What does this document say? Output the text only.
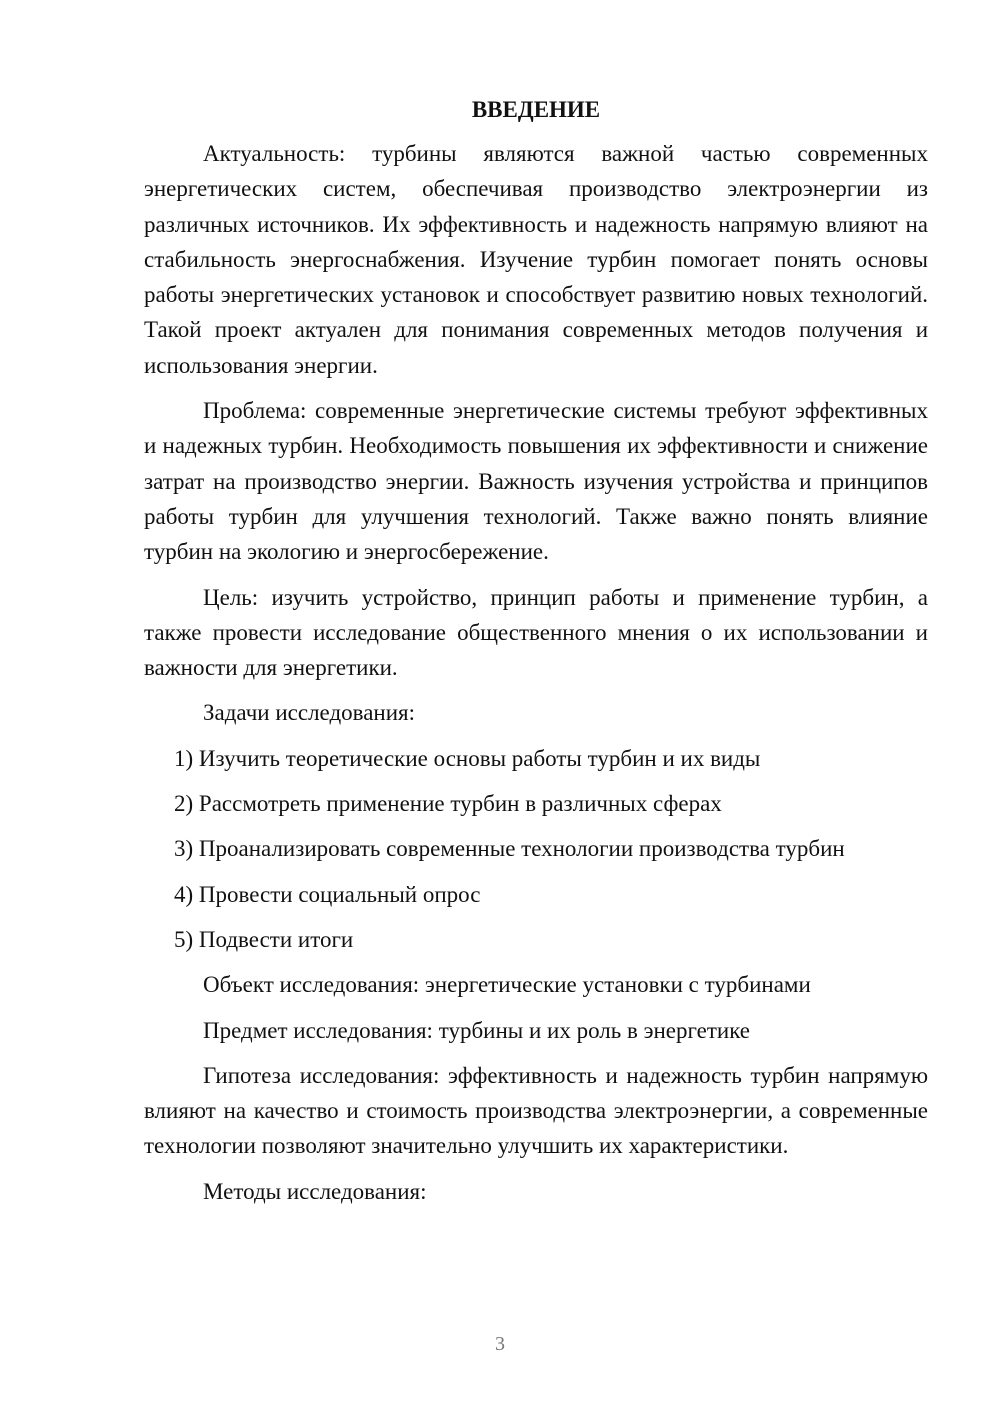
ВВЕДЕНИЕ

Актуальность: турбины являются важной частью современных энергетических систем, обеспечивая производство электроэнергии из различных источников. Их эффективность и надежность напрямую влияют на стабильность энергоснабжения. Изучение турбин помогает понять основы работы энергетических установок и способствует развитию новых технологий. Такой проект актуален для понимания современных методов получения и использования энергии.

Проблема: современные энергетические системы требуют эффективных и надежных турбин. Необходимость повышения их эффективности и снижение затрат на производство энергии. Важность изучения устройства и принципов работы турбин для улучшения технологий. Также важно понять влияние турбин на экологию и энергосбережение.

Цель: изучить устройство, принцип работы и применение турбин, а также провести исследование общественного мнения о их использовании и важности для энергетики.

Задачи исследования:

1) Изучить теоретические основы работы турбин и их виды
2) Рассмотреть применение турбин в различных сферах
3) Проанализировать современные технологии производства турбин
4) Провести социальный опрос
5) Подвести итоги

Объект исследования: энергетические установки с турбинами

Предмет исследования: турбины и их роль в энергетике

Гипотеза исследования: эффективность и надежность турбин напрямую влияют на качество и стоимость производства электроэнергии, а современные технологии позволяют значительно улучшить их характеристики.

Методы исследования:

3
